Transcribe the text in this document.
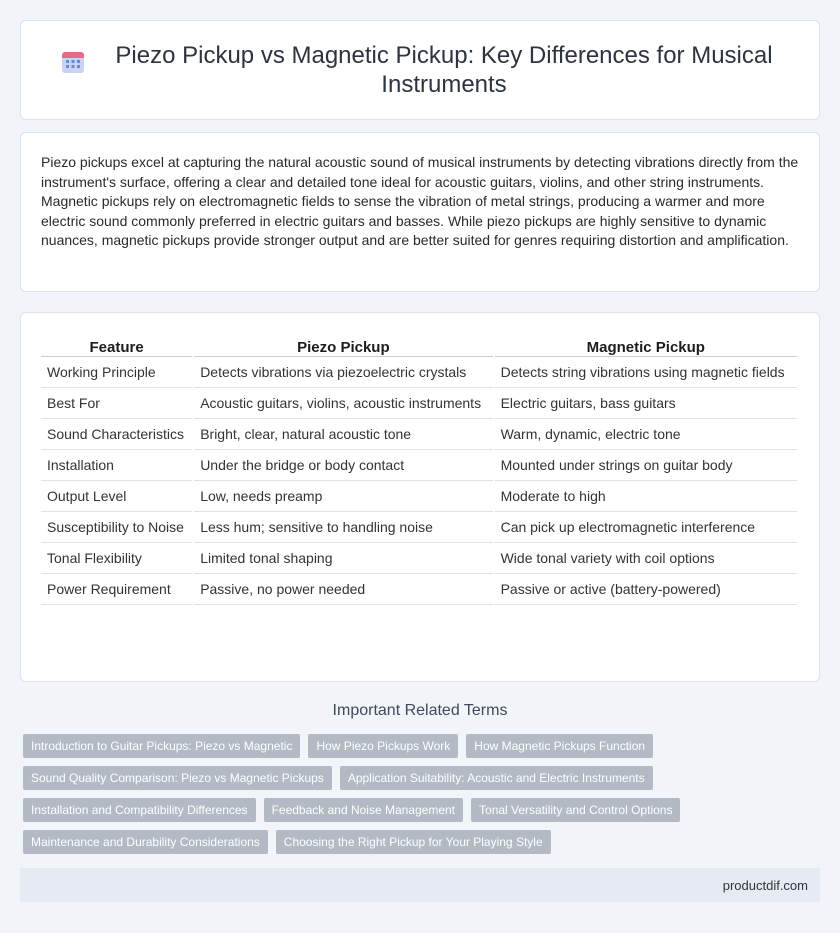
Piezo Pickup vs Magnetic Pickup: Key Differences for Musical Instruments

Piezo pickups excel at capturing the natural acoustic sound of musical instruments by detecting vibrations directly from the instrument's surface, offering a clear and detailed tone ideal for acoustic guitars, violins, and other string instruments. Magnetic pickups rely on electromagnetic fields to sense the vibration of metal strings, producing a warmer and more electric sound commonly preferred in electric guitars and basses. While piezo pickups are highly sensitive to dynamic nuances, magnetic pickups provide stronger output and are better suited for genres requiring distortion and amplification.

Feature	Piezo Pickup	Magnetic Pickup
Working Principle	Detects vibrations via piezoelectric crystals	Detects string vibrations using magnetic fields
Best For	Acoustic guitars, violins, acoustic instruments	Electric guitars, bass guitars
Sound Characteristics	Bright, clear, natural acoustic tone	Warm, dynamic, electric tone
Installation	Under the bridge or body contact	Mounted under strings on guitar body
Output Level	Low, needs preamp	Moderate to high
Susceptibility to Noise	Less hum; sensitive to handling noise	Can pick up electromagnetic interference
Tonal Flexibility	Limited tonal shaping	Wide tonal variety with coil options
Power Requirement	Passive, no power needed	Passive or active (battery-powered)
Important Related Terms
Introduction to Guitar Pickups: Piezo vs Magnetic	How Piezo Pickups Work	How Magnetic Pickups Function
Sound Quality Comparison: Piezo vs Magnetic Pickups	Application Suitability: Acoustic and Electric Instruments
Installation and Compatibility Differences	Feedback and Noise Management	Tonal Versatility and Control Options
Maintenance and Durability Considerations	Choosing the Right Pickup for Your Playing Style
productdif.com
